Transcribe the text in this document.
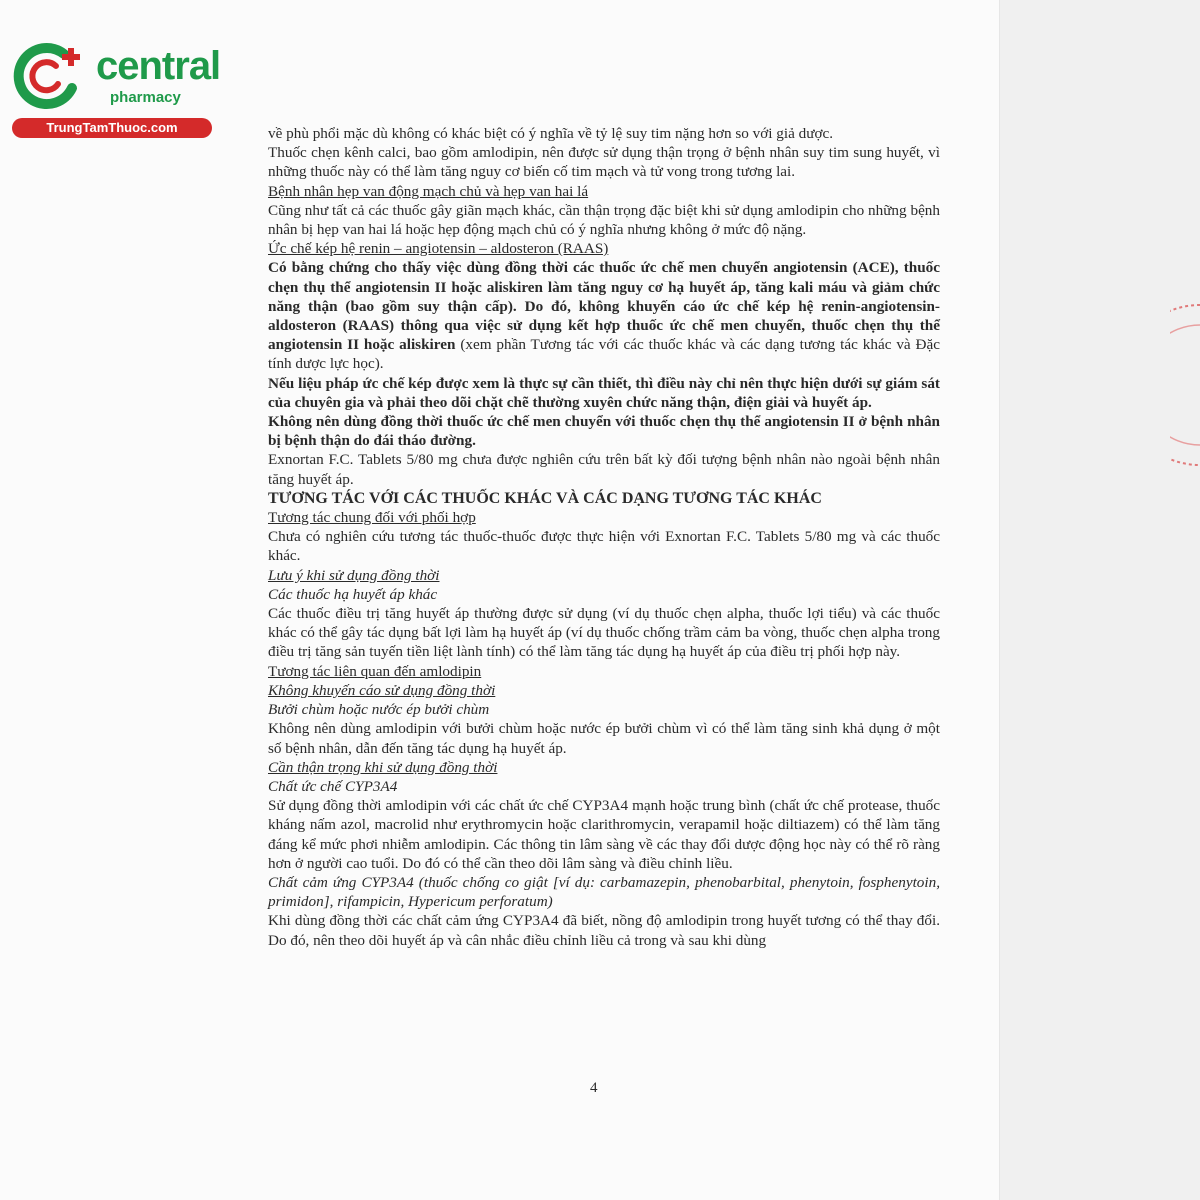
central
pharmacy
TrungTamThuoc.com	về phù phổi mặc dù không có khác biệt có ý nghĩa về tỷ lệ suy tim nặng hơn so với giả dược.

Thuốc chẹn kênh calci, bao gồm amlodipin, nên được sử dụng thận trọng ở bệnh nhân suy tim sung huyết, vì những thuốc này có thể làm tăng nguy cơ biến cố tim mạch và tử vong trong tương lai.

Bệnh nhân hẹp van động mạch chủ và hẹp van hai lá

Cũng như tất cả các thuốc gây giãn mạch khác, cần thận trọng đặc biệt khi sử dụng amlodipin cho những bệnh nhân bị hẹp van hai lá hoặc hẹp động mạch chủ có ý nghĩa nhưng không ở mức độ nặng.

Ức chế kép hệ renin – angiotensin – aldosteron (RAAS)

Có bằng chứng cho thấy việc dùng đồng thời các thuốc ức chế men chuyển angiotensin (ACE), thuốc chẹn thụ thể angiotensin II hoặc aliskiren làm tăng nguy cơ hạ huyết áp, tăng kali máu và giảm chức năng thận (bao gồm suy thận cấp). Do đó, không khuyến cáo ức chế kép hệ renin-angiotensin-aldosteron (RAAS) thông qua việc sử dụng kết hợp thuốc ức chế men chuyển, thuốc chẹn thụ thể angiotensin II hoặc aliskiren (xem phần Tương tác với các thuốc khác và các dạng tương tác khác và Đặc tính dược lực học).

Nếu liệu pháp ức chế kép được xem là thực sự cần thiết, thì điều này chỉ nên thực hiện dưới sự giám sát của chuyên gia và phải theo dõi chặt chẽ thường xuyên chức năng thận, điện giải và huyết áp.

Không nên dùng đồng thời thuốc ức chế men chuyển với thuốc chẹn thụ thể angiotensin II ở bệnh nhân bị bệnh thận do đái tháo đường.

Exnortan F.C. Tablets 5/80 mg chưa được nghiên cứu trên bất kỳ đối tượng bệnh nhân nào ngoài bệnh nhân tăng huyết áp.

TƯƠNG TÁC VỚI CÁC THUỐC KHÁC VÀ CÁC DẠNG TƯƠNG TÁC KHÁC

Tương tác chung đối với phối hợp

Chưa có nghiên cứu tương tác thuốc-thuốc được thực hiện với Exnortan F.C. Tablets 5/80 mg và các thuốc khác.

Lưu ý khi sử dụng đồng thời

Các thuốc hạ huyết áp khác

Các thuốc điều trị tăng huyết áp thường được sử dụng (ví dụ thuốc chẹn alpha, thuốc lợi tiểu) và các thuốc khác có thể gây tác dụng bất lợi làm hạ huyết áp (ví dụ thuốc chống trầm cảm ba vòng, thuốc chẹn alpha trong điều trị tăng sản tuyến tiền liệt lành tính) có thể làm tăng tác dụng hạ huyết áp của điều trị phối hợp này.

Tương tác liên quan đến amlodipin

Không khuyến cáo sử dụng đồng thời

Bưởi chùm hoặc nước ép bưởi chùm

Không nên dùng amlodipin với bưởi chùm hoặc nước ép bưởi chùm vì có thể làm tăng sinh khả dụng ở một số bệnh nhân, dẫn đến tăng tác dụng hạ huyết áp.

Cần thận trọng khi sử dụng đồng thời

Chất ức chế CYP3A4

Sử dụng đồng thời amlodipin với các chất ức chế CYP3A4 mạnh hoặc trung bình (chất ức chế protease, thuốc kháng nấm azol, macrolid như erythromycin hoặc clarithromycin, verapamil hoặc diltiazem) có thể làm tăng đáng kể mức phơi nhiễm amlodipin. Các thông tin lâm sàng về các thay đổi dược động học này có thể rõ ràng hơn ở người cao tuổi. Do đó có thể cần theo dõi lâm sàng và điều chỉnh liều.

Chất cảm ứng CYP3A4 (thuốc chống co giật [ví dụ: carbamazepin, phenobarbital, phenytoin, fosphenytoin, primidon], rifampicin, Hypericum perforatum)

Khi dùng đồng thời các chất cảm ứng CYP3A4 đã biết, nồng độ amlodipin trong huyết tương có thể thay đổi. Do đó, nên theo dõi huyết áp và cân nhắc điều chỉnh liều cả trong và sau khi dùng

4
